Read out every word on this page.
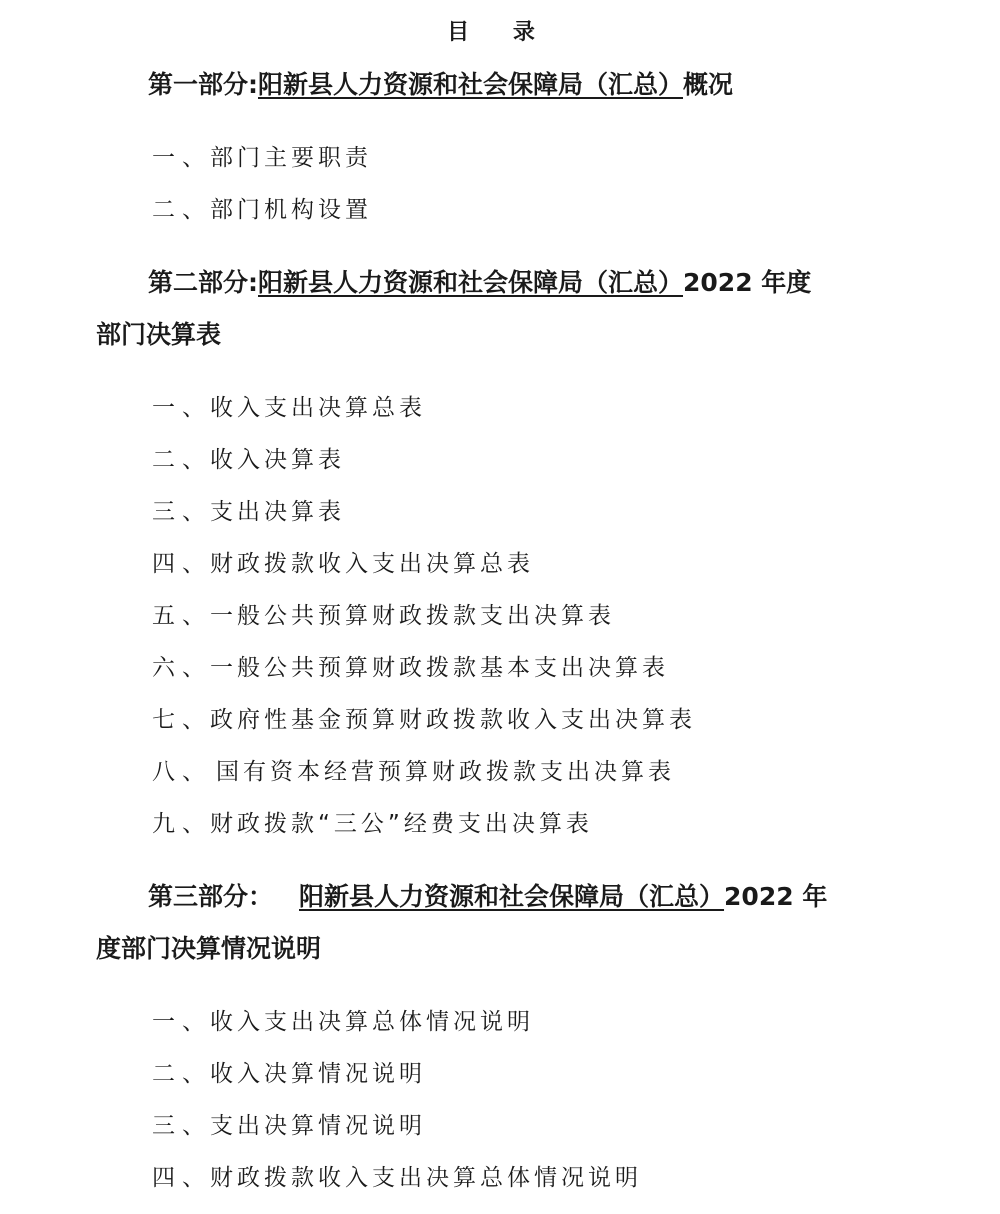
目 录
第一部分:阳新县人力资源和社会保障局（汇总）概况
一 、部门主要职责
二 、部门机构设置
第二部分:阳新县人力资源和社会保障局（汇总）2022 年度
部门决算表
一 、收入支出决算总表
二 、收入决算表
三 、支出决算表
四 、财政拨款收入支出决算总表
五 、一般公共预算财政拨款支出决算表
六 、一般公共预算财政拨款基本支出决算表
七 、政府性基金预算财政拨款收入支出决算表
八 、 国有资本经营预算财政拨款支出决算表
九 、财政拨款“三公”经费支出决算表
第三部分： 阳新县人力资源和社会保障局（汇总）2022 年
度部门决算情况说明
一 、收入支出决算总体情况说明
二 、收入决算情况说明
三 、支出决算情况说明
四 、财政拨款收入支出决算总体情况说明
